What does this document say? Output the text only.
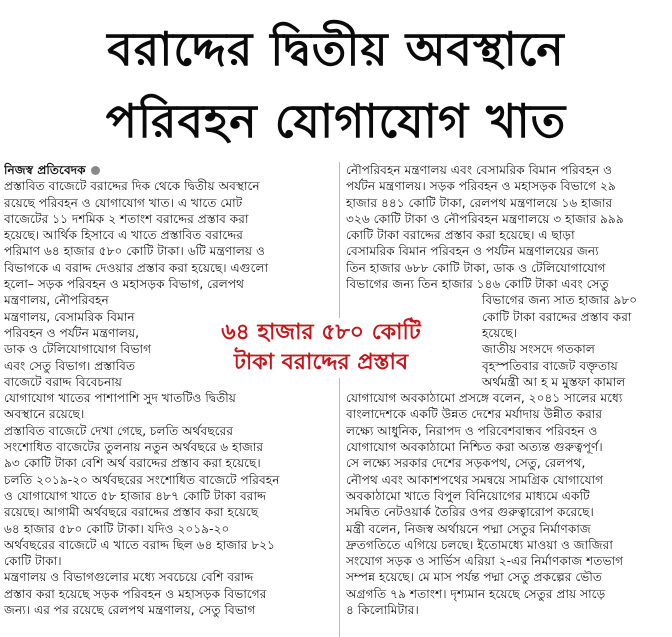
বরাদ্দের দ্বিতীয় অবস্থানে
পরিবহন যোগাযোগ খাত
নিজস্ব প্রতিবেদক
প্রস্তাবিত বাজেটে বরাদ্দের দিক থেকে দ্বিতীয় অবস্থানে
রয়েছে পরিবহন ও যোগাযোগ খাত। এ খাতে মোট
বাজেটের ১১ দশমিক ২ শতাংশ বরাদ্দের প্রস্তাব করা
হয়েছে। আর্থিক হিসাবে এ খাতে প্রস্তাবিত বরাদ্দের
পরিমাণ ৬৪ হাজার ৫৮০ কোটি টাকা। ৬টি মন্ত্রণালয় ও
বিভাগকে এ বরাদ্দ দেওয়ার প্রস্তাব করা হয়েছে। এগুলো
হলো– সড়ক পরিবহন ও মহাসড়ক বিভাগ, রেলপথ
মন্ত্রণালয়, নৌপরিবহন
মন্ত্রণালয়, বেসামরিক বিমান
পরিবহন ও পর্যটন মন্ত্রণালয়,
ডাক ও টেলিযোগাযোগ বিভাগ
এবং সেতু বিভাগ। প্রস্তাবিত
বাজেটে বরাদ্দ বিবেচনায়
যোগাযোগ খাতের পাশাপাশি সুদ খাতটিও দ্বিতীয়
অবস্থানে রয়েছে।
প্রস্তাবিত বাজেটে দেখা গেছে, চলতি অর্থবছরের
সংশোধিত বাজেটের তুলনায় নতুন অর্থবছরে ৬ হাজার
৯৩ কোটি টাকা বেশি অর্থ বরাদ্দের প্রস্তাব করা হয়েছে।
চলতি ২০১৯-২০ অর্থবছরের সংশোধিত বাজেটে পরিবহন
ও যোগাযোগ খাতে ৫৮ হাজার ৪৮৭ কোটি টাকা বরাদ্দ
রয়েছে। আগামী অর্থবছরে বরাদ্দের প্রস্তাব করা হয়েছে
৬৪ হাজার ৫৮০ কোটি টাকা। যদিও ২০১৯-২০
অর্থবছরের বাজেটে এ খাতে বরাদ্দ ছিল ৬৪ হাজার ৮২১
কোটি টাকা।
মন্ত্রণালয় ও বিভাগগুলোর মধ্যে সবচেয়ে বেশি বরাদ্দ
প্রস্তাব করা হয়েছে সড়ক পরিবহন ও মহাসড়ক বিভাগের
জন্য। এর পর রয়েছে রেলপথ মন্ত্রণালয়, সেতু বিভাগ
নৌপরিবহন মন্ত্রণালয় এবং বেসামরিক বিমান পরিবহন ও
পর্যটন মন্ত্রণালয়। সড়ক পরিবহন ও মহাসড়ক বিভাগে ২৯
হাজার ৪৪১ কোটি টাকা, রেলপথ মন্ত্রণালয়ে ১৬ হাজার
৩২৬ কোটি টাকা ও নৌপরিবহন মন্ত্রণালয়ে ৩ হাজার ৯৯৯
কোটি টাকা বরাদ্দের প্রস্তাব করা হয়েছে। এ ছাড়া
বেসামরিক বিমান পরিবহন ও পর্যটন মন্ত্রণালয়ের জন্য
তিন হাজার ৬৮৮ কোটি টাকা, ডাক ও টেলিযোগাযোগ
বিভাগের জন্য তিন হাজার ১৪৬ কোটি টাকা এবং সেতু
বিভাগের জন্য সাত হাজার ৯৮০
কোটি টাকা বরাদ্দের প্রস্তাব করা
হয়েছে।
জাতীয় সংসদে গতকাল
বৃহস্পতিবার বাজেট বক্তৃতায়
অর্থমন্ত্রী আ হ ম মুস্তফা কামাল
যোগাযোগ অবকাঠামো প্রসঙ্গে বলেন, ২০৪১ সালের মধ্যে
বাংলাদেশকে একটি উন্নত দেশের মর্যাদায় উন্নীত করার
লক্ষ্যে আধুনিক, নিরাপদ ও পরিবেশবান্ধব পরিবহন ও
যোগাযোগ অবকাঠামো নিশ্চিত করা অত্যন্ত গুরুত্বপূর্ণ।
সে লক্ষ্যে সরকার দেশের সড়কপথ, সেতু, রেলপথ,
নৌপথ এবং আকাশপথের সমন্বয়ে সামগ্রিক যোগাযোগ
অবকাঠামো খাতে বিপুল বিনিয়োগের মাধ্যমে একটি
সমন্বিত নেটওয়ার্ক তৈরির ওপর গুরুত্বারোপ করেছে।
মন্ত্রী বলেন, নিজস্ব অর্থায়নে পদ্মা সেতুর নির্মাণকাজ
দ্রুতগতিতে এগিয়ে চলছে। ইতোমধ্যে মাওয়া ও জাজিরা
সংযোগ সড়ক ও সার্ভিস এরিয়া ২-এর নির্মাণকাজ শতভাগ
সম্পন্ন হয়েছে। মে মাস পর্যন্ত পদ্মা সেতু প্রকল্পের ভৌত
অগ্রগতি ৭৯ শতাংশ। দৃশ্যমান হয়েছে সেতুর প্রায় সাড়ে
৪ কিলোমিটার।
৬৪ হাজার ৫৮০ কোটি
টাকা বরাদ্দের প্রস্তাব
